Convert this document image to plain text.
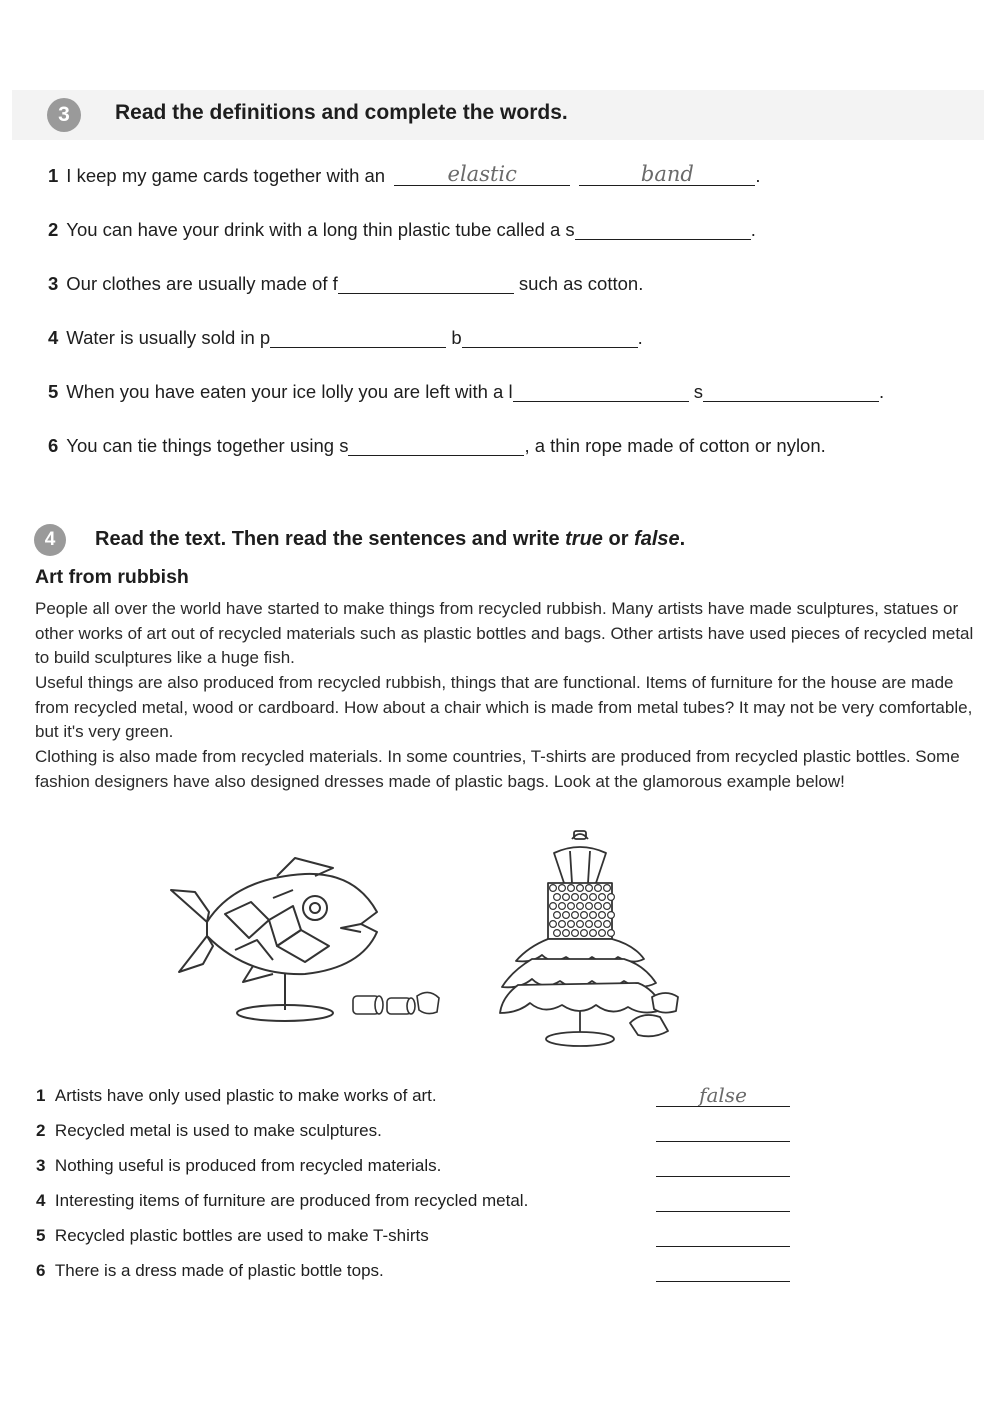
3	Read the definitions and complete the words.
1 I keep my game cards together with an	elastic
	band	.
2 You can have your drink with a long thin plastic tube called a s	.
3 Our clothes are usually made of f	such as cotton.
4 Water is usually sold in p	b	.
5 When you have eaten your ice lolly you are left with a l	s	.
6 You can tie things together using s	, a thin rope made of cotton or nylon.
4	Read the text. Then read the sentences and write true or false.
Art from rubbish
People all over the world have started to make things from recycled rubbish. Many artists have made sculptures, statues or other works of art out of recycled materials such as plastic bottles and bags. Other artists have used pieces of recycled metal to build sculptures like a huge fish.
Useful things are also produced from recycled rubbish, things that are functional. Items of furniture for the house are made from recycled metal, wood or cardboard. How about a chair which is made from metal tubes? It may not be very comfortable, but it's very green.
Clothing is also made from recycled materials. In some countries, T-shirts are produced from recycled plastic bottles. Some fashion designers have also designed dresses made of plastic bags. Look at the glamorous example below!
1 Artists have only used plastic to make works of art.	false
2 Recycled metal is used to make sculptures.
3 Nothing useful is produced from recycled materials.
4 Interesting items of furniture are produced from recycled metal.
5 Recycled plastic bottles are used to make T-shirts
6 There is a dress made of plastic bottle tops.
